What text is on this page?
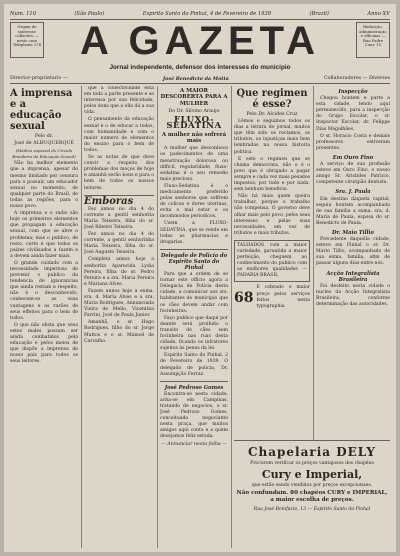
Num. 110	(São Paulo)	Espirito Santo do Pinhal, 4 de Fevereiro de 1939	(Brazil)	Anno XV
Orgam do interesse collectivo — neste caso Telephone 278 A GAZETA	Redacção, administração e officinas — Rua Padre Conr. 15
Jornal independente, defensor dos interesses do municipio
Director-proprietario —	José Benedicto da Motta	Collaboradores — Diversos
A imprensa e a educação sexual
Pelo dr.
José de ALBUQUERQUE
(Medico especial do Circulo Brasileiro de Educação Sexual)

Não ha melhor elemento que a imprensa, apesar do mesmo limitado por censura para o possuir, um educador sexual no momento, de qualquer parte do Brasil, de todas as regiões, para o nosso povo.

A imprensa e o radio são hoje os primeiros elementos que propagam a educação sexual, com que se abre o problema; mas o publico, de resto, certo é que todos os paizes civilisados a fazem e a devem ainda fazer mais.

O grande cuidado com a necessidade imperiosa de prevenir o publico da tendencia de ignorancias que ainda restam a respeito, não é o desconhecido, conhecem-se as suas vantagens e as razões de seus effeitos para o bem de todos.

O que não obsta que seus estes males possam ser ainda combatidos pela educação e pelos meios de que dispõe a imprensa de nosso paiz para todos os seus leitores.

que a collectividade está em toda a parte presente e se interessa por sua felicidade, pelos dons que a ella dá a sua vida.

O pensamento da educação sexual é o de educar a todos, com humanidade e com o maior numero de elementos do ensino para o bem de todos.

Se as notas de que deve convir a respeito dos problemas dos moços de hoje e amanhã serão bons e para o bem de todos os nossos leitores.

Emboras

Fez annos no dia 4 do corrente a gentil senhorita Maria Teixeira, filha do sr. José Ribeiro Teixeira.

Fez annos no dia 4 do corrente, a gentil senhorinha Maria Teixeira, filha do sr. José Augusto Teixeira.

Completa annos hoje a senhorita Aparecida Lydia Pereira, filha do sr. Pedro Pereira e a sra. Maria Pereira e Mariana Alves.

Fazem annos hoje a exma. sra. d. Maria Alves e a sra. Maria Rodrigues, Annunciada Vieira de Mello, Vicentina Parrini, José de Paula Junior.

Amanhã, o sr. Hugo Rodrigues, filho do sr. Jorge Mattos e o sr. Manoel de Carvalho.

A MAIOR DESCOBERTA PARA A MULHER
Do Dr. Silvino Araujo
FLUXO-SEDATINA
A mulher não sofrerá mais

A mulher que desconhece os padecimentos de uma menstruação dolorosa ou difficil, regularidade, fluxo-sedatina é o seu remedio mais precioso.

Fluxo-Sedatina é o medicamento preferido pelas senhoras que soffrem de colicas e dores uterinas, evita o mal estar e os incommodos periodicos.

Usem a FLUXO-SEDATINA, que se vende em todas as pharmacias e drogarias.

Delegado de Policia do Espirito Santo do Pinhal

Para que a ordem de se tornar este officio agora a Delegacia de Policia desta cidade, a comunicar aos srs. habitantes do municipio que os cães devem andar com focinheiras.

Faço publico que daqui por deante será proibido o transito de cães sem focinheira nas ruas desta cidade, ficando os infratores sujeitos ás penas da lei.

Espirito Santo do Pinhal, 2 de Fevereiro de 1939. O delegado de policia, Dr. Assumpção Ferraz.

José Pedroso Gomes

Encontra-se nesta cidade, acha-se em Campinas, tratando de negocios, o sr. José Pedroso Gomes, conceituado negociante nesta praça, que muitos amigos aqui conta e a quem desejamos feliz estada.

— Annunciar nesta folha —
Que regimen é esse?
Pelo Dr. Alcides Cruz

Lêmos e seguimos todos os dias a leitura do jornal, muitos que têm sido os reclamos, os tributos, as injustiças mais bem lembradas na nossa historia politica.

E este o regimen que se chama democrata, não o é o povo que é obrigado a pagar sempre e cada vez mais pesados impostos, por tudo e por nada, sem nenhum beneficio.

Não há mais quem queira trabalhar, porque o trabalho não compensa. O governo deve olhar mais pelo povo, pelos seus interesses e pelas suas necessidades, em vez de tributos e mais tributos.

TALHADOS com a maior variedade, garantida a maior perfeição, cheguem ao conhecimento do publico com as melhores qualidades — PADARIA BRASIL
68
É cobrado o maior preço pelos serviços feitos nesta typographia
Inspecção

Chegou hontem e parte a esta cidade, tendo aqui permanecido, para a inspecção do Grupo Escolar, o sr. Inspector Escolar, dr. Felippe Dias Magalhães.

O sr. Horacio Costa e demais professores estiveram presentes.

Em Ouro Fino

A serviço de sua profissão esteve em Ouro Fino, o nosso amigo Sr. Aristides Patricio, competente cirurgião dentista.

Sra. J. Paula

Em destino daquela capital, seguiu hontem acompanhada de sua familia a exma. sra. d. Maria de Paula, esposa do sr. Benedicto de Paula.

Dr. Maio Tillio

Precedente daquella cidade, esteve em Pinhal o sr. Dr. Mario Tillio, acompanhado de sua exma. familia, afim de passar alguns dias entre nós.

Acção Integralista Brasileira

Foi desfeito nesta cidade o nucleo da Acção Integralista Brasileira, conforme determinação das autoridades.

Chapelaria DELY
Procurem verificar os preços vantajosos dos chapéus
Cury e Imperial,
que estão sendo vendidos por preços excepcionaes.
Não confundam. 80 chapéos CURY e IMPERIAL, a maior escolha de preços.
Rua José Bonifacio, 13 — Espirito Santo do Pinhal
